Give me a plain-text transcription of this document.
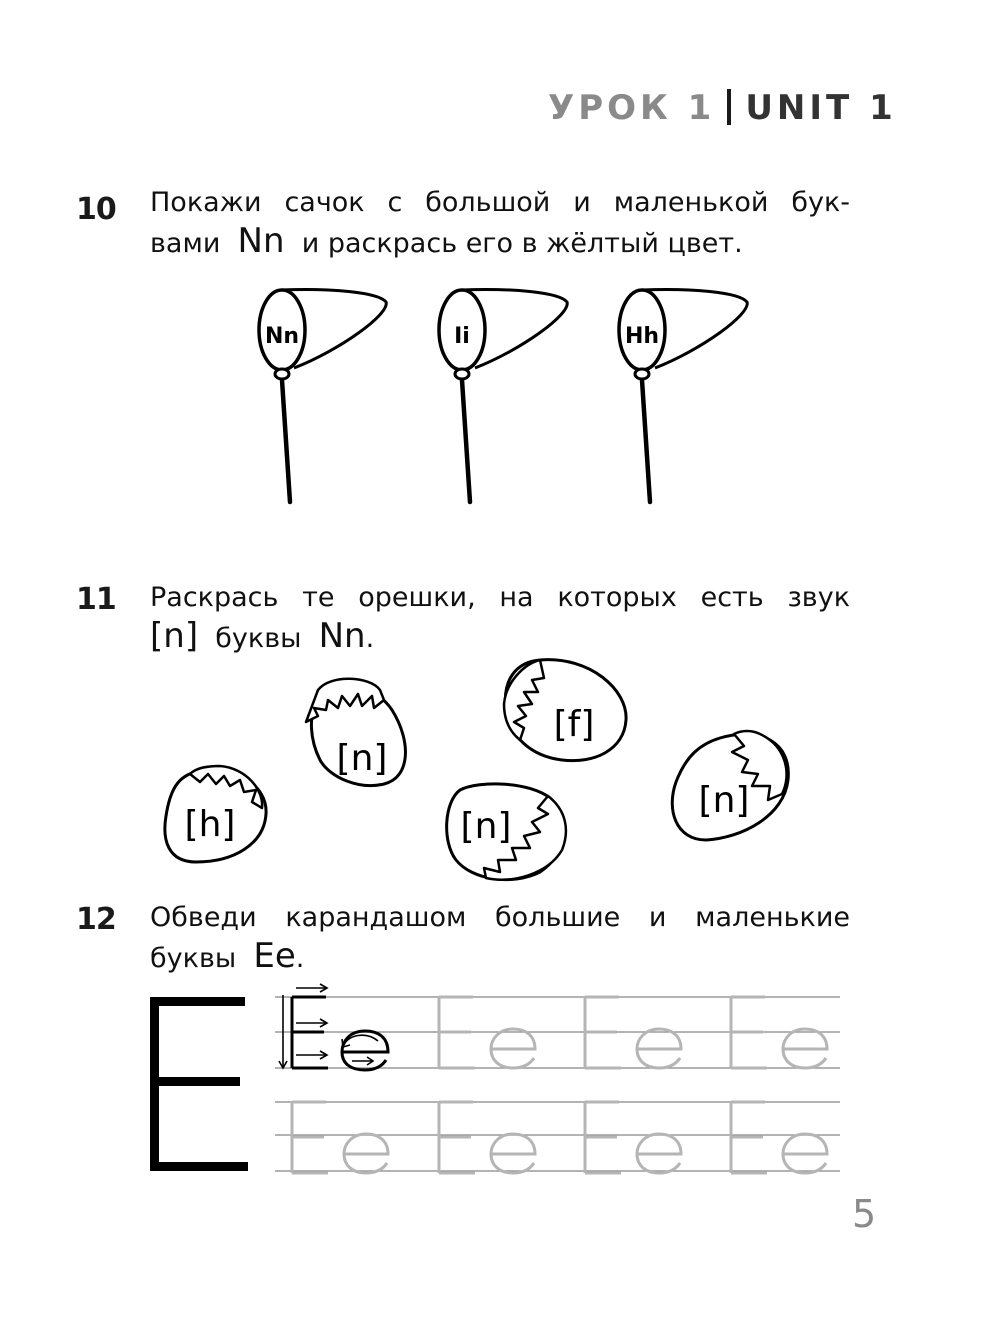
УРОК 1 UNIT 1
10 Покажи сачок с большой и маленькой бук-
вами Nn и раскрась его в жёлтый цвет.
Nn	Ii	Hh
11 Раскрась те орешки, на которых есть звук
[n] буквы Nn.
[n]
[f]
[h]	[n]
[n]
12 Обведи карандашом большие и маленькие
буквы Ee.
5
